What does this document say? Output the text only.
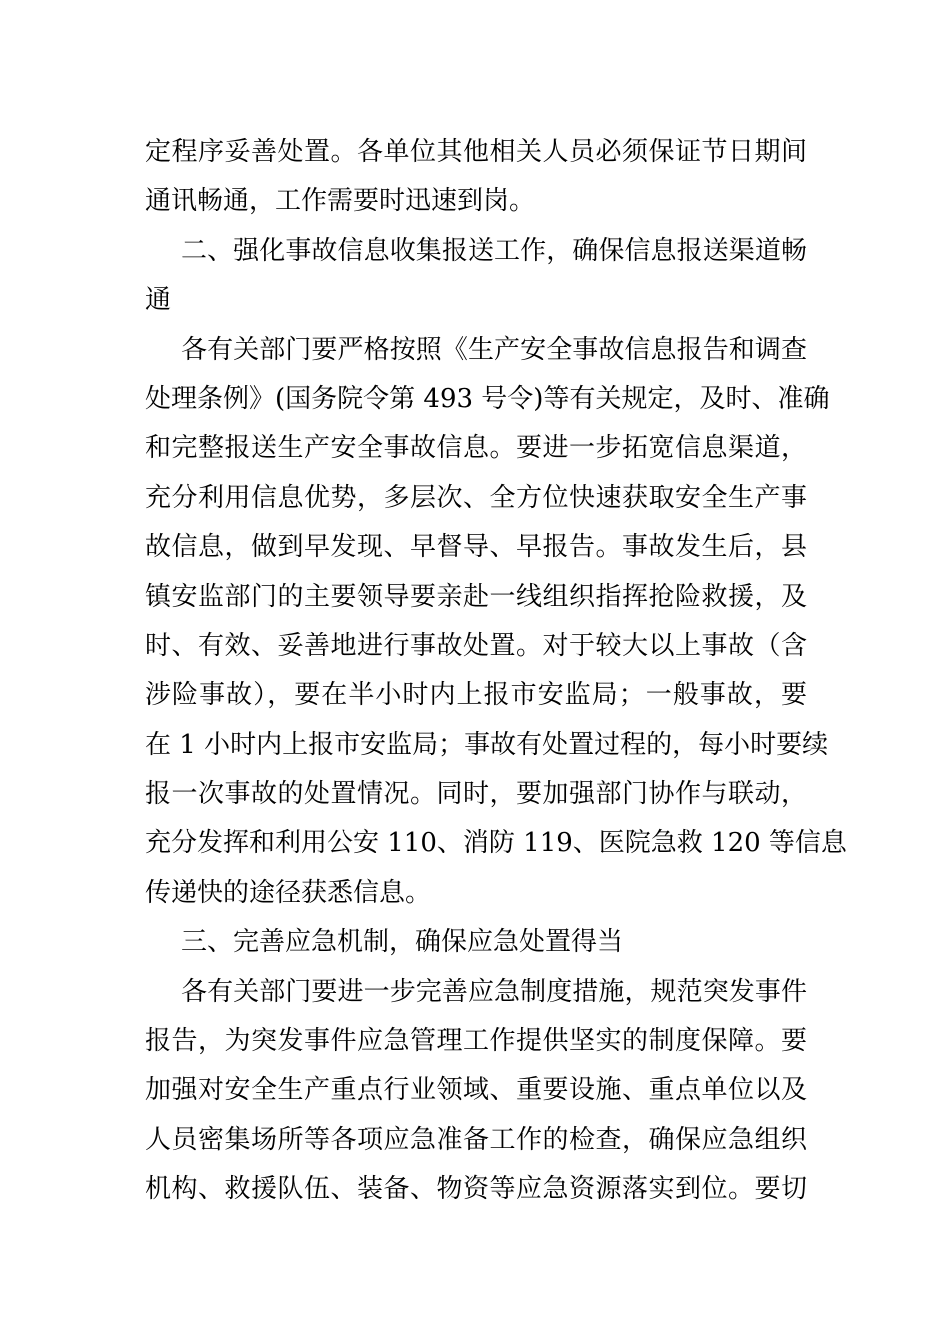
定程序妥善处置。各单位其他相关人员必须保证节日期间
通讯畅通，工作需要时迅速到岗。
二、强化事故信息收集报送工作，确保信息报送渠道畅
通
各有关部门要严格按照《生产安全事故信息报告和调查
处理条例》(国务院令第 493 号令)等有关规定，及时、准确
和完整报送生产安全事故信息。要进一步拓宽信息渠道，
充分利用信息优势，多层次、全方位快速获取安全生产事
故信息，做到早发现、早督导、早报告。事故发生后，县
镇安监部门的主要领导要亲赴一线组织指挥抢险救援，及
时、有效、妥善地进行事故处置。对于较大以上事故（含
涉险事故），要在半小时内上报市安监局；一般事故，要
在 1 小时内上报市安监局；事故有处置过程的，每小时要续
报一次事故的处置情况。同时，要加强部门协作与联动，
充分发挥和利用公安 110、消防 119、医院急救 120 等信息
传递快的途径获悉信息。
三、完善应急机制，确保应急处置得当
各有关部门要进一步完善应急制度措施，规范突发事件
报告，为突发事件应急管理工作提供坚实的制度保障。要
加强对安全生产重点行业领域、重要设施、重点单位以及
人员密集场所等各项应急准备工作的检查，确保应急组织
机构、救援队伍、装备、物资等应急资源落实到位。要切
